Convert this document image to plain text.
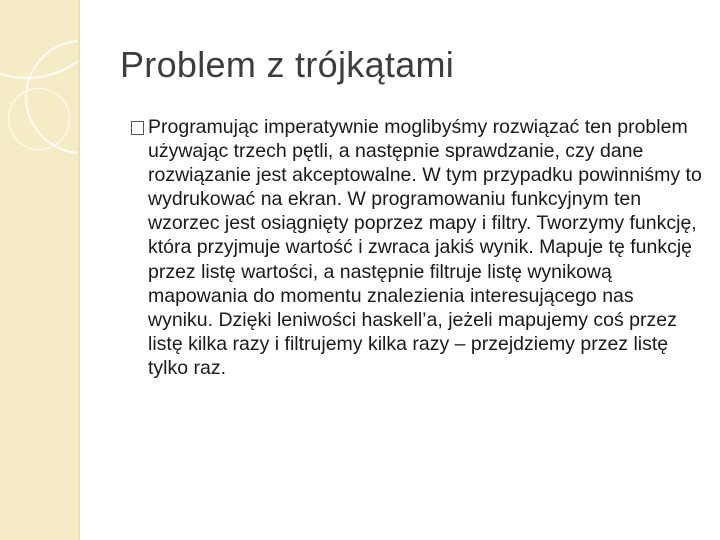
Problem z trójkątami
Programując imperatywnie moglibyśmy rozwiązać ten problem używając trzech pętli, a następnie sprawdzanie, czy dane rozwiązanie jest akceptowalne. W tym przypadku powinniśmy to wydrukować na ekran. W programowaniu funkcyjnym ten wzorzec jest osiągnięty poprzez mapy i filtry. Tworzymy funkcję, która przyjmuje wartość i zwraca jakiś wynik. Mapuje tę funkcję przez listę wartości, a następnie filtruje listę wynikową mapowania do momentu znalezienia interesującego nas wyniku. Dzięki leniwości haskell’a, jeżeli mapujemy coś przez listę kilka razy i filtrujemy kilka razy – przejdziemy przez listę tylko raz.
